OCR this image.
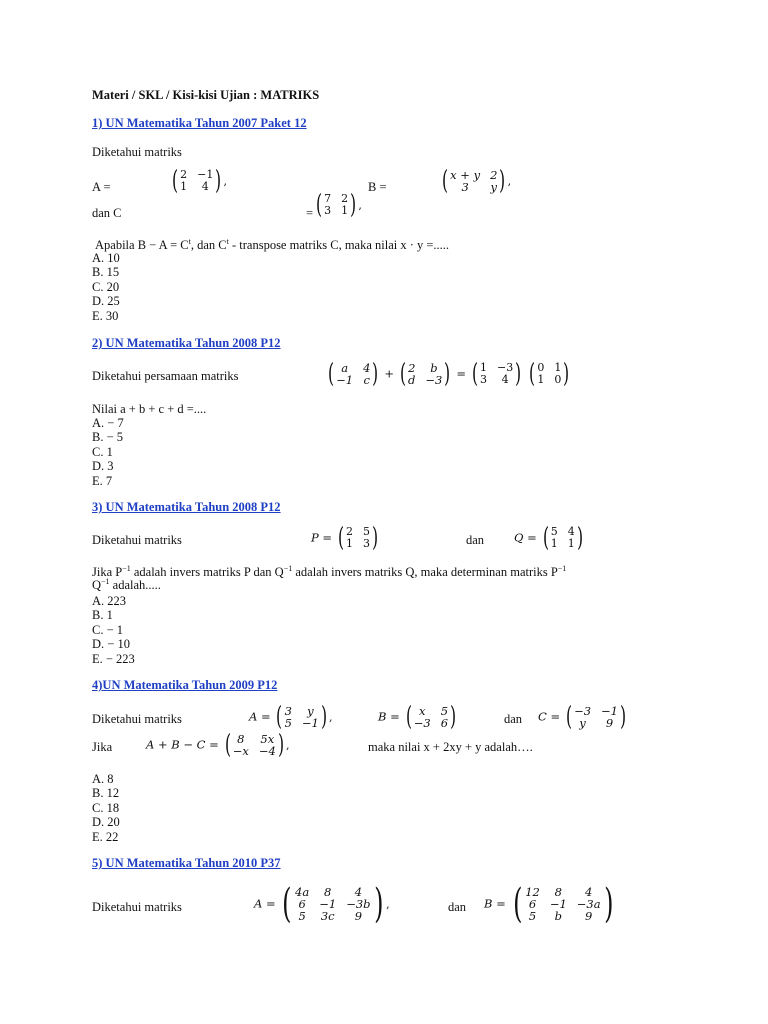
Materi / SKL / Kisi-kisi Ujian : MATRIKS
1) UN Matematika Tahun 2007 Paket 12
Diketahui matriks
A = ( 2 −1
1	4 ) ,	B = ( x + y 2
3	y ) ,
dan C	= ( 7 2
3 1 ) ,
Apabila $B - A = C^t$, dan $C^t$ - transpose matriks C, maka nilai x · y =.....
A. 10
B. 15
C. 20
D. 25
E. 30
2) UN Matematika Tahun 2008 P12
Diketahui persamaan matriks	( a	4
−1 c ) + ( 2	b
d −3 ) = ( 1 −3
3	4 )
( 0 1
1 0 )
Nilai a + b + c + d =....
A. − 7
B. − 5
C. 1
D. 3
E. 7
3) UN Matematika Tahun 2008 P12
Diketahui matriks	P = ( 2 5
1 3 )	dan	Q = ( 5 4
1 1 )
Jika $P^{-1}$ adalah invers matriks P dan $Q^{-1}$ adalah invers matriks Q, maka determinan matriks $P^{-1}$
$Q^{-1}$ adalah.....
A. 223
B. 1
C. − 1
D. − 10
E. − 223
4)UN Matematika Tahun 2009 P12
Diketahui matriks	A = ( 3	y
5 −1 ) ,	B = ( x	5
−3 6 )	dan C = ( −3 −1
y	9 )
Jika	A + B − C = ( 8	5x
−x −4 ) ,	maka nilai x + 2xy + y adalah….
A. 8
B. 12
C. 18
D. 20
E. 22
5) UN Matematika Tahun 2010 P37
Diketahui matriks	A = ( 4a	8	4
6 −1 −3b
5 3c	9 ) ,	dan B = ( 12	8	4
6	−1 −3a
5	b	9 )
